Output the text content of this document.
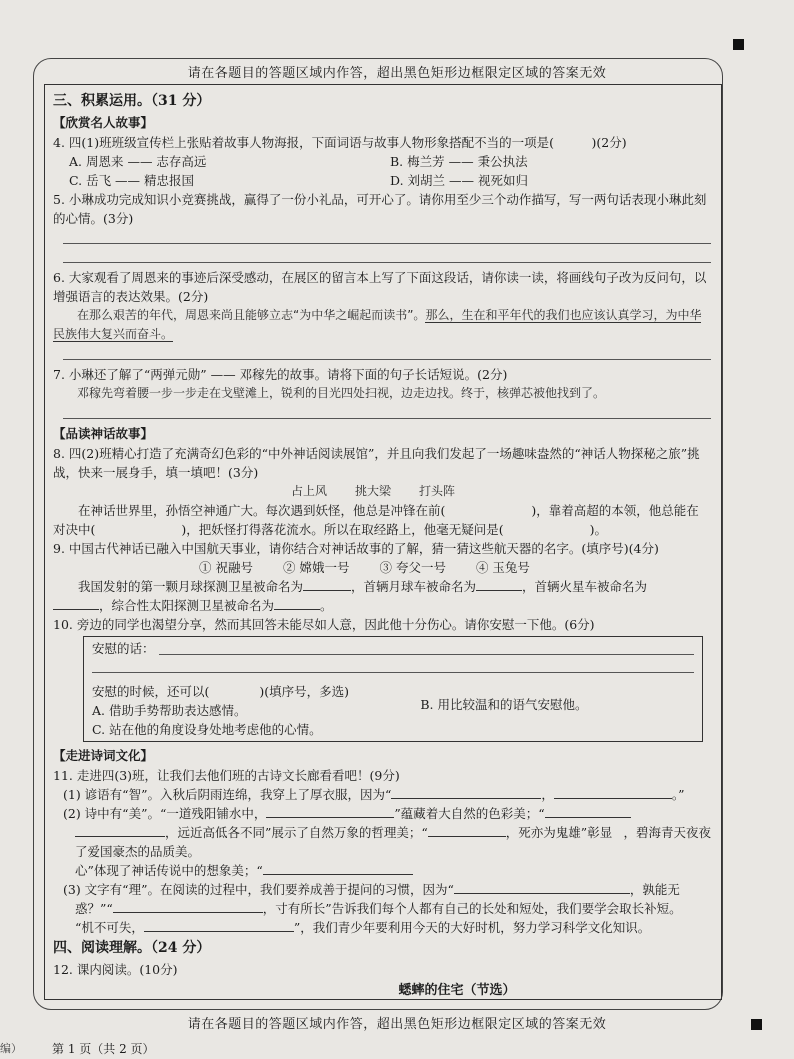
编）
请在各题目的答题区域内作答，超出黑色矩形边框限定区域的答案无效
三、积累运用。（31 分）
【欣赏名人故事】

4. 四(1)班班级宣传栏上张贴着故事人物海报，下面词语与故事人物形象搭配不当的一项是(　　　)(2分)

A. 周恩来 —— 志存高远	B. 梅兰芳 —— 秉公执法
C. 岳飞 —— 精忠报国	D. 刘胡兰 —— 视死如归

5. 小琳成功完成知识小竞赛挑战，赢得了一份小礼品，可开心了。请你用至少三个动作描写，写一两句话表现小琳此刻的心情。(3分)

6. 大家观看了周恩来的事迹后深受感动，在展区的留言本上写了下面这段话，请你读一读，将画线句子改为反问句，以增强语言的表达效果。(2分)

在那么艰苦的年代，周恩来尚且能够立志“为中华之崛起而读书”。那么，生在和平年代的我们也应该认真学习，为中华民族伟大复兴而奋斗。

7. 小琳还了解了“两弹元勋” —— 邓稼先的故事。请将下面的句子长话短说。(2分)

邓稼先弯着腰一步一步走在戈壁滩上，锐利的目光四处扫视，边走边找。终于，核弹芯被他找到了。

【品读神话故事】

8. 四(2)班精心打造了充满奇幻色彩的“中外神话阅读展馆”，并且向我们发起了一场趣味盎然的“神话人物探秘之旅”挑战，快来一展身手，填一填吧！(3分)

占上风 挑大梁 打头阵

在神话世界里，孙悟空神通广大。每次遇到妖怪，他总是冲锋在前(	)，靠着高超的本领，他总能在

对决中(	)，把妖怪打得落花流水。所以在取经路上，他毫无疑问是(	)。

9. 中国古代神话已融入中国航天事业，请你结合对神话故事的了解，猜一猜这些航天器的名字。(填序号)(4分)

① 祝融号 ② 嫦娥一号 ③ 夸父一号 ④ 玉兔号

我国发射的第一颗月球探测卫星被命名为	，首辆月球车被命名为	，首辆火星车被命名为

，综合性太阳探测卫星被命名为	。

10. 旁边的同学也渴望分享，然而其回答未能尽如人意，因此他十分伤心。请你安慰一下他。(6分)

安慰的话：
安慰的时候，还可以(　　　　)(填序号，多选)
A. 借助手势帮助表达感情。	B. 用比较温和的语气安慰他。
C. 站在他的角度设身处地考虑他的心情。
【走进诗词文化】

11. 走进四(3)班，让我们去他们班的古诗文长廊看看吧！(9分)

(1) 谚语有“智”。入秋后阴雨连绵，我穿上了厚衣服，因为“	，	。”

(2) 诗中有“美”。“一道残阳铺水中，	”蕴藏着大自然的色彩美；“

，碧海青天夜夜
，远近高低各不同”展示了自然万象的哲理美；“	，死亦为鬼雄”彰显了爱国豪杰的品质美。

心”体现了神话传说中的想象美；“

(3) 文字有“理”。在阅读的过程中，我们要养成善于提问的习惯，因为“	，孰能无

惑？”“	，寸有所长”告诉我们每个人都有自己的长处和短处，我们要学会取长补短。

“机不可失，	”，我们青少年要利用今天的大好时机，努力学习科学文化知识。

四、阅读理解。（24 分）

12. 课内阅读。(10分)

蟋蟀的住宅（节选）

请在各题目的答题区域内作答，超出黑色矩形边框限定区域的答案无效
第 1 页（共 2 页）
